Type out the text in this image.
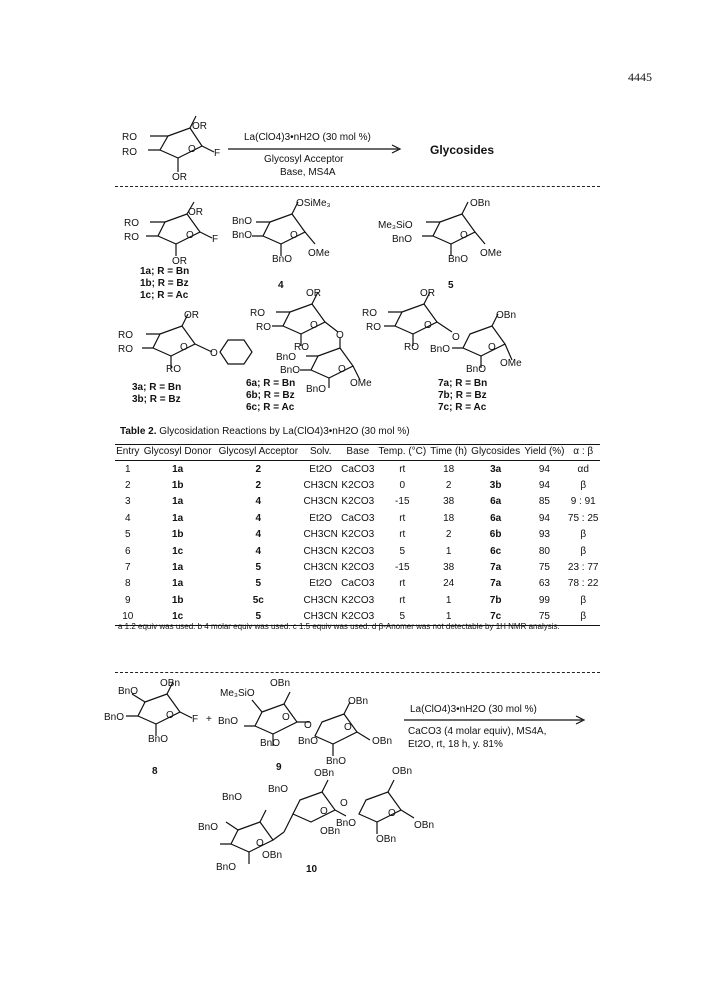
4445
OR
RO
RO	O F
OR
La(ClO4)3•nH2O (30 mol %)
Glycosyl Acceptor
Base, MS4A
Glycosides
OR
RO
RO	O F
OR
1a; R = Bn
1b; R = Bz
1c; R = Ac
OSiMe₃
BnO
BnO	O
BnO
OMe
4
OBn
Me₃SiO
BnO	O
BnO
OMe
5
OR
RO
RO	O
RO
O
3a; R = Bn
3b; R = Bz
OR
RO
RO	O
RO
O
BnO
BnO	O
BnO
OMe
6a; R = Bn
6b; R = Bz
6c; R = Ac
OR
RO
RO	O
RO
O
OBn
BnO	O
BnO
OMe
7a; R = Bn
7b; R = Bz
7c; R = Ac
BnO
OBn
BnO	O F
BnO
8
+
Me₃SiO
OBn
BnO	O
BnO BnO
O
OBn
O
OBn
BnO
9
La(ClO4)3•nH2O (30 mol %)
CaCO3 (4 molar equiv), MS4A,
Et2O, rt, 18 h, y. 81%
OBn	OBn
BnO
BnO
O
O
BnO
O
OBn
OBn
BnO
O
OBn
OBn
BnO	10
Table 2. Glycosidation Reactions by La(ClO4)3•nH2O (30 mol %)
Entry	Glycosyl Donor	Glycosyl Acceptor	Solv.	Base	Temp. (°C)	Time (h)	Glycosides	Yield (%)	α : β
1	1a	2	Et2O	CaCO3	rt	18	3a	94	αd
2	1b	2	CH3CN	K2CO3	0	2	3b	94	β
3	1a	4	CH3CN	K2CO3	-15	38	6a	85	9 : 91
4	1a	4	Et2O	CaCO3	rt	18	6a	94	75 : 25
5	1b	4	CH3CN	K2CO3	rt	2	6b	93	β
6	1c	4	CH3CN	K2CO3	5	1	6c	80	β
7	1a	5	CH3CN	K2CO3	-15	38	7a	75	23 : 77
8	1a	5	Et2O	CaCO3	rt	24	7a	63	78 : 22
9	1b	5c	CH3CN	K2CO3	rt	1	7b	99	β
10	1c	5	CH3CN	K2CO3	5	1	7c	75	β
a 1.2 equiv was used. b 4 molar equiv was used. c 1.5 equiv was used. d β-Anomer was not detectable by 1H NMR analysis.
